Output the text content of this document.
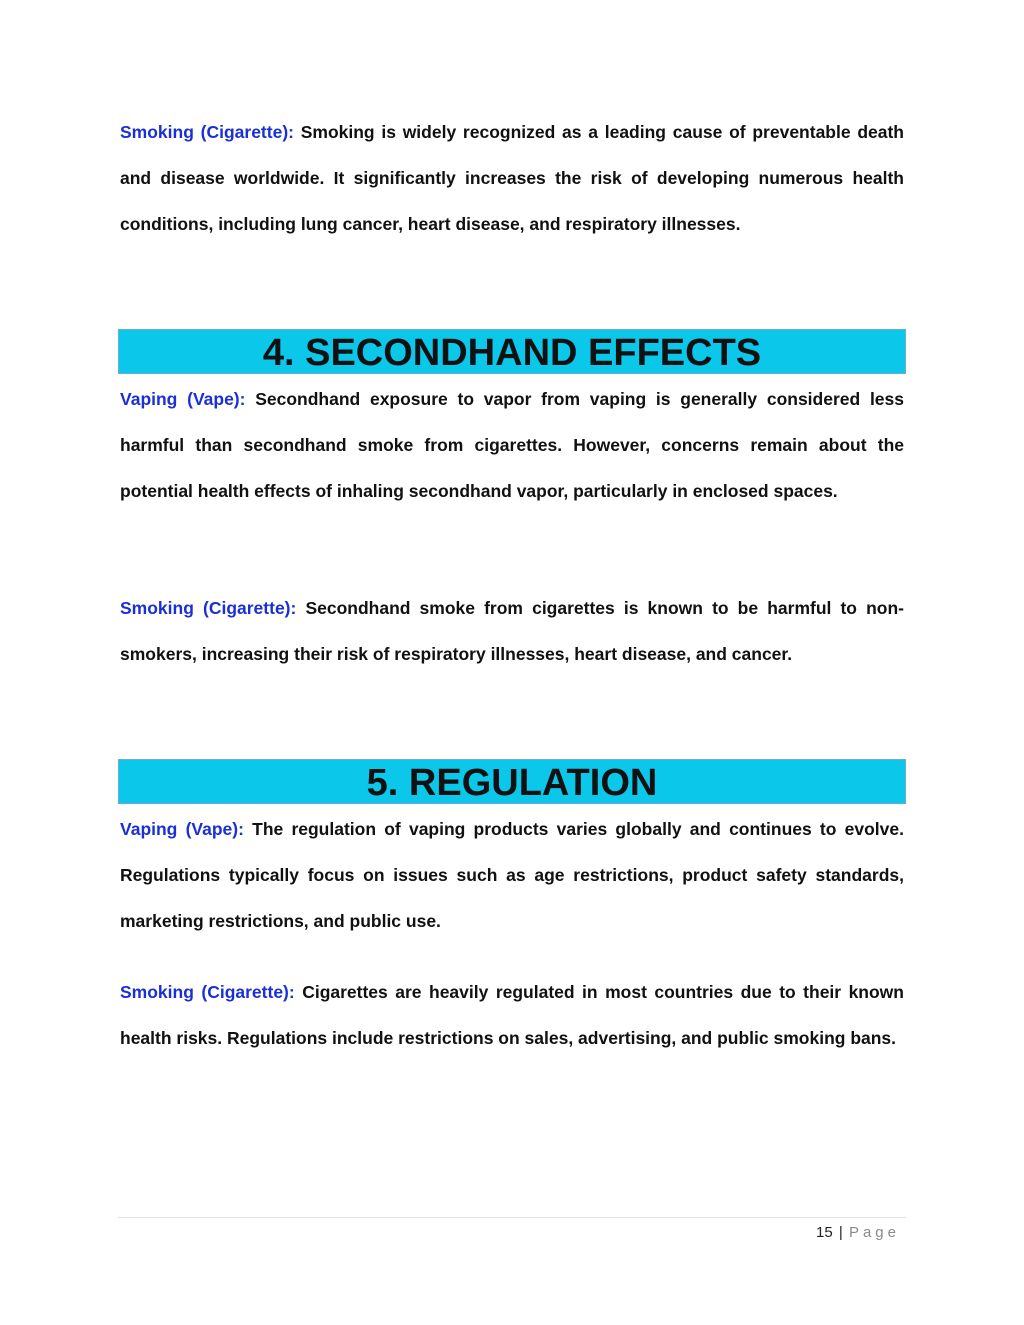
Smoking (Cigarette): Smoking is widely recognized as a leading cause of preventable death and disease worldwide. It significantly increases the risk of developing numerous health conditions, including lung cancer, heart disease, and respiratory illnesses.

4. SECONDHAND EFFECTS

Vaping (Vape): Secondhand exposure to vapor from vaping is generally considered less harmful than secondhand smoke from cigarettes. However, concerns remain about the potential health effects of inhaling secondhand vapor, particularly in enclosed spaces.

Smoking (Cigarette): Secondhand smoke from cigarettes is known to be harmful to non-smokers, increasing their risk of respiratory illnesses, heart disease, and cancer.

5. REGULATION

Vaping (Vape): The regulation of vaping products varies globally and continues to evolve. Regulations typically focus on issues such as age restrictions, product safety standards, marketing restrictions, and public use.

Smoking (Cigarette): Cigarettes are heavily regulated in most countries due to their known health risks. Regulations include restrictions on sales, advertising, and public smoking bans.

15 | Page
